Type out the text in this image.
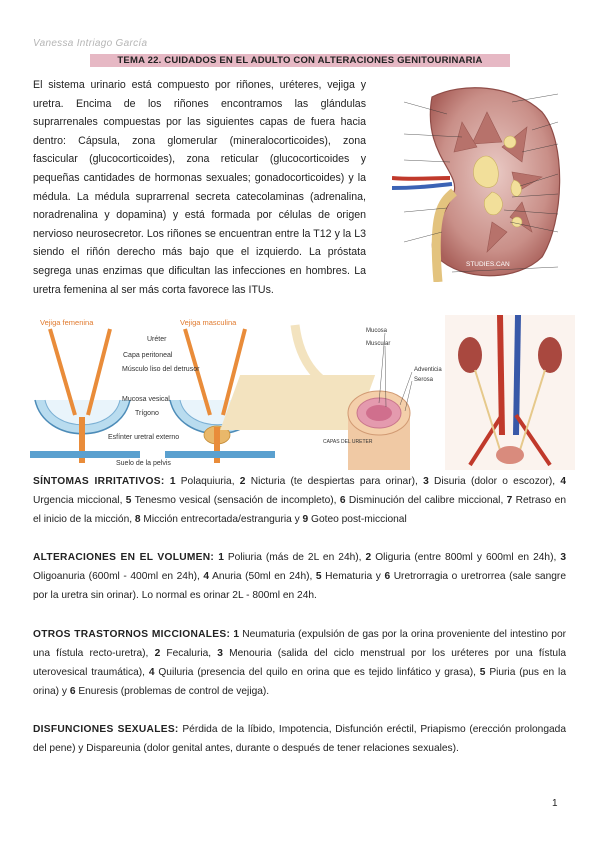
Vanessa Intriago García
TEMA 22. CUIDADOS EN EL ADULTO CON ALTERACIONES GENITOURINARIA
El sistema urinario está compuesto por riñones, uréteres, vejiga y uretra. Encima de los riñones encontramos las glándulas suprarrenales compuestas por las siguientes capas de fuera hacia dentro: Cápsula, zona glomerular (mineralocorticoides), zona fascicular (glucocorticoides), zona reticular (glucocorticoides y pequeñas cantidades de hormonas sexuales; gonadocorticoides) y la médula. La médula suprarrenal secreta catecolaminas (adrenalina, noradrenalina y dopamina) y está formada por células de origen nervioso neurosecretor. Los riñones se encuentran entre la T12 y la L3 siendo el riñón derecho más bajo que el izquierdo. La próstata segrega unas enzimas que dificultan las infecciones en hombres. La uretra femenina al ser más corta favorece las ITUs.
STUDIES.CAN
Vejiga femenina	Vejiga masculina
Uréter
Capa peritoneal
Músculo liso del detrusor
Mucosa vesical
Trígono
Esfínter uretral externo
Suelo de la pelvis
Mucosa
Muscular
Adventicia
Serosa
CAPAS DEL URETER
SÍNTOMAS IRRITATIVOS: 1 Polaquiuria, 2 Nicturia (te despiertas para orinar), 3 Disuria (dolor o escozor), 4 Urgencia miccional, 5 Tenesmo vesical (sensación de incompleto), 6 Disminución del calibre miccional, 7 Retraso en el inicio de la micción, 8 Micción entrecortada/estranguria y 9 Goteo post-miccional
ALTERACIONES EN EL VOLUMEN: 1 Poliuria (más de 2L en 24h), 2 Oliguria (entre 800ml y 600ml en 24h), 3 Oligoanuria (600ml - 400ml en 24h), 4 Anuria (50ml en 24h), 5 Hematuria y 6 Uretrorragia o uretrorrea (sale sangre por la uretra sin orinar). Lo normal es orinar 2L - 800ml en 24h.
OTROS TRASTORNOS MICCIONALES: 1 Neumaturia (expulsión de gas por la orina proveniente del intestino por una fístula recto-uretra), 2 Fecaluria, 3 Menouria (salida del ciclo menstrual por los uréteres por una fístula uterovesical traumática), 4 Quiluria (presencia del quilo en orina que es tejido linfático y grasa), 5 Piuria (pus en la orina) y 6 Enuresis (problemas de control de vejiga).
DISFUNCIONES SEXUALES: Pérdida de la líbido, Impotencia, Disfunción eréctil, Priapismo (erección prolongada del pene) y Dispareunia (dolor genital antes, durante o después de tener relaciones sexuales).
1
